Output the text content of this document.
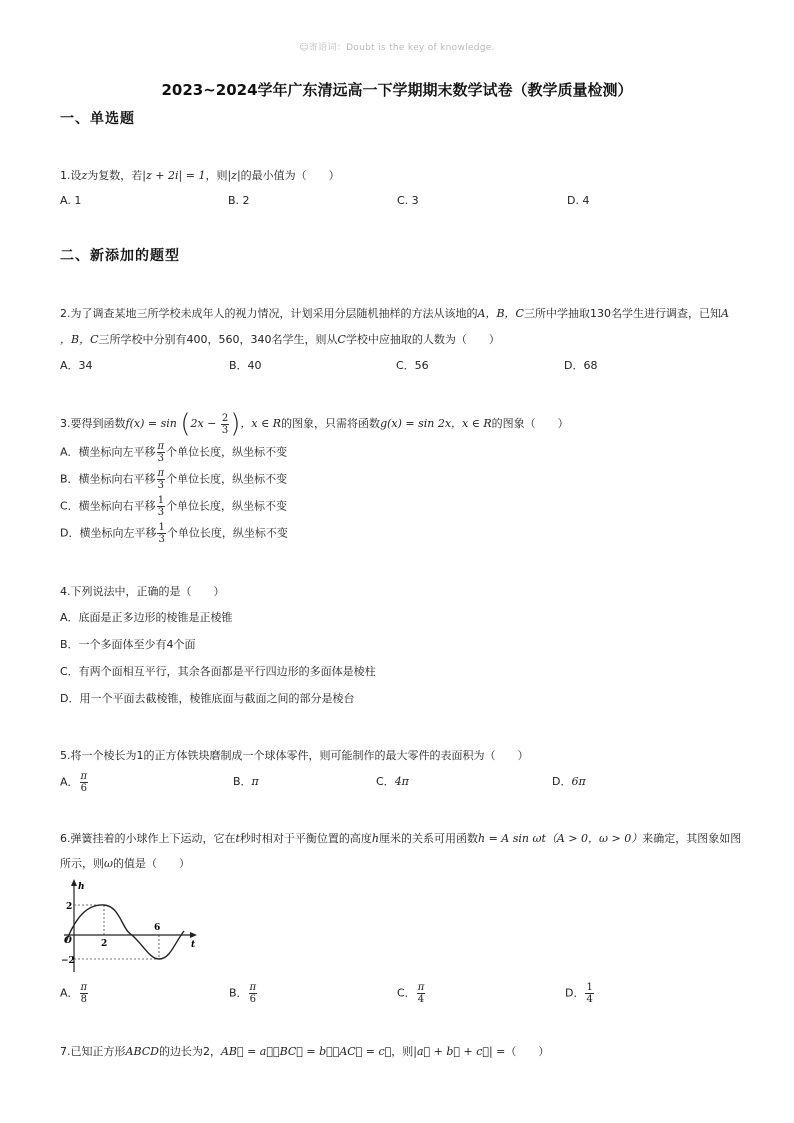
☺寄语词：Doubt is the key of knowledge.
2023~2024学年广东清远高一下学期期末数学试卷（教学质量检测）
一、单选题
1.设z为复数，若|z + 2i| = 1，则|z|的最小值为（　　）
A. 1	B. 2	C. 3	D. 4
二、新添加的题型
2.为了调查某地三所学校未成年人的视力情况，计划采用分层随机抽样的方法从该地的A，B，C三所中学抽取130名学生进行调查，已知A
，B，C三所学校中分别有400，560，340名学生，则从C学校中应抽取的人数为（　　）
A．34	B．40	C．56	D．68
3.要得到函数$f(x) = \sin (2x - \frac{2}{3}$ )，x ∈ R的图象，只需将函数g(x) = sin 2x，x ∈ R的图象（　　）
A．横坐标向左平移 $\frac{\pi}{3}$ 个单位长度，纵坐标不变
B．横坐标向右平移 $\frac{\pi}{3}$ 个单位长度，纵坐标不变
C．横坐标向右平移 $\frac{1}{3}$ 个单位长度，纵坐标不变
D．横坐标向左平移 $\frac{1}{3}$ 个单位长度，纵坐标不变
4.下列说法中，正确的是（　　）
A．底面是正多边形的棱锥是正棱锥
B．一个多面体至少有4个面
C．有两个面相互平行，其余各面都是平行四边形的多面体是棱柱
D．用一个平面去截棱锥，棱锥底面与截面之间的部分是棱台
5.将一个棱长为1的正方体铁块磨制成一个球体零件，则可能制作的最大零件的表面积为（　　）
A． $\frac{\pi}{6}$	B．π	C．4π	D．6π
6.弹簧挂着的小球作上下运动，它在t秒时相对于平衡位置的高度h厘米的关系可用函数h = A sin ωt（A > 0，ω > 0）来确定，其图象如图
所示，则ω的值是（　　）
h
t
O
2
−2
2
6
A． $\frac{\pi}{8}$	B． $\frac{\pi}{6}$	C． $\frac{\pi}{4}$	D． $\frac{1}{4}$
7.已知正方形ABCD的边长为2，AB⃗ = a⃗，BC⃗ = b⃗，AC⃗ = c⃗，则|a⃗ + b⃗ + c⃗| =（　　）
